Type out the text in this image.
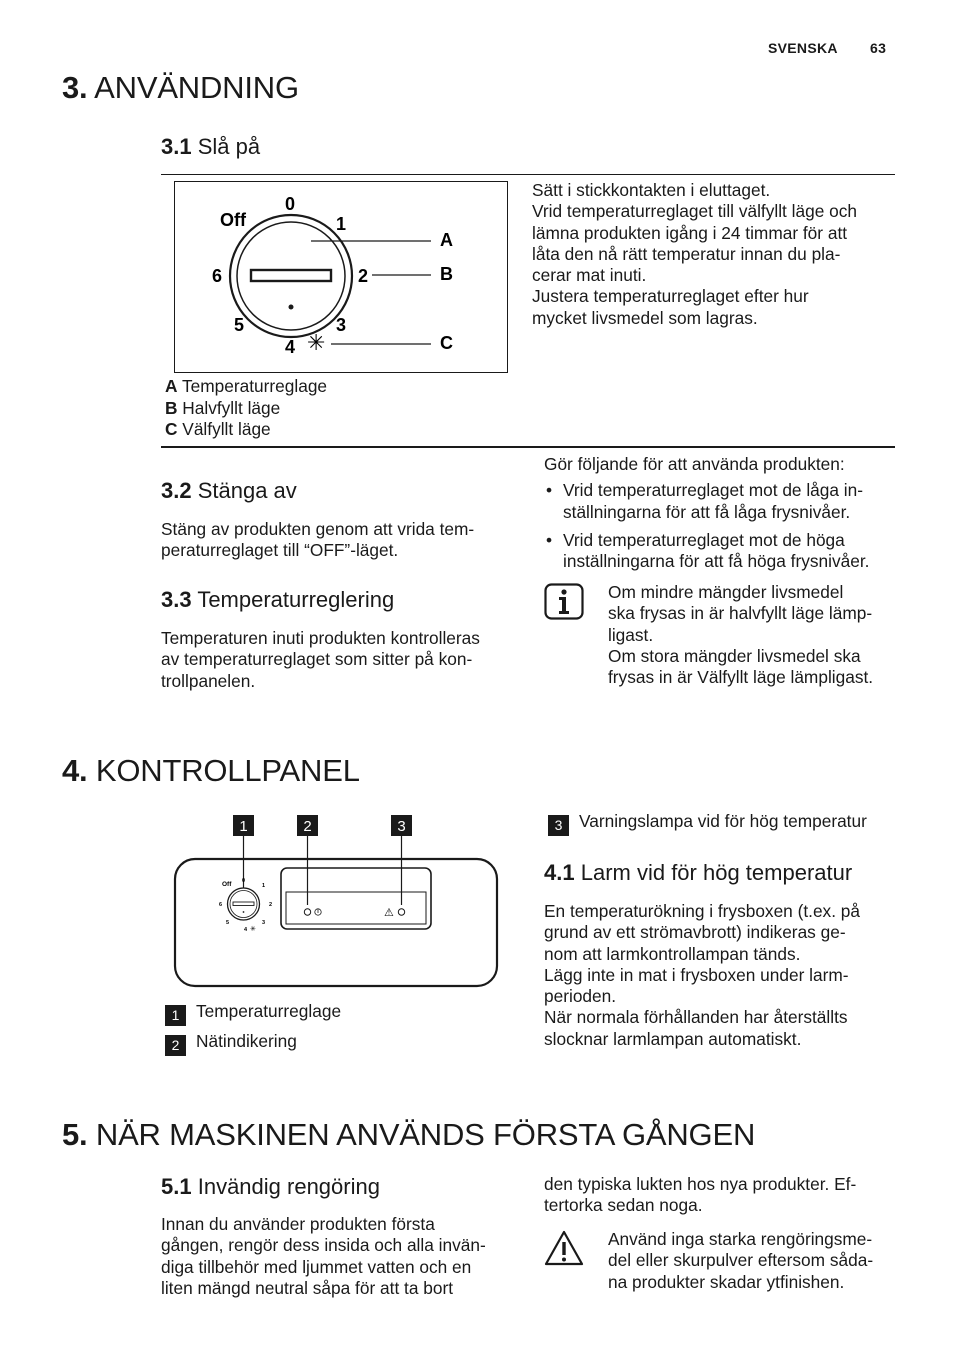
SVENSKA 63
3. ANVÄNDNING
3.1 Slå på
Off
0
1
2
3
4
5
6
✳
A
B
C
A Temperaturreglage
B Halvfyllt läge
C Välfyllt läge
Sätt i stickkontakten i eluttaget.
Vrid temperaturreglaget till välfyllt läge och
lämna produkten igång i 24 timmar för att
låta den nå rätt temperatur innan du pla-
cerar mat inuti.
Justera temperaturreglaget efter hur
mycket livsmedel som lagras.
3.2 Stänga av
Stäng av produkten genom att vrida tem-
peraturreglaget till “OFF”-läget.
3.3 Temperaturreglering
Temperaturen inuti produkten kontrolleras
av temperaturreglaget som sitter på kon-
trollpanelen.
Gör följande för att använda produkten:
• Vrid temperaturreglaget mot de låga in-
ställningarna för att få låga frysnivåer.
• Vrid temperaturreglaget mot de höga
inställningarna för att få höga frysnivåer.
Om mindre mängder livsmedel
ska frysas in är halvfyllt läge lämp-
ligast.
Om stora mängder livsmedel ska
frysas in är Välfyllt läge lämpligast.
4. KONTROLLPANEL
1	2	3
Off 0
1
2
3
4
5
6
✳
⚠
1 Temperaturreglage
2 Nätindikering
3 Varningslampa vid för hög temperatur
4.1 Larm vid för hög temperatur
En temperaturökning i frysboxen (t.ex. på
grund av ett strömavbrott) indikeras ge-
nom att larmkontrollampan tänds.
Lägg inte in mat i frysboxen under larm-
perioden.
När normala förhållanden har återställts
slocknar larmlampan automatiskt.
5. NÄR MASKINEN ANVÄNDS FÖRSTA GÅNGEN
5.1 Invändig rengöring
Innan du använder produkten första
gången, rengör dess insida och alla invän-
diga tillbehör med ljummet vatten och en
liten mängd neutral såpa för att ta bort
den typiska lukten hos nya produkter. Ef-
tertorka sedan noga.
Använd inga starka rengöringsme-
del eller skurpulver eftersom såda-
na produkter skadar ytfinishen.
